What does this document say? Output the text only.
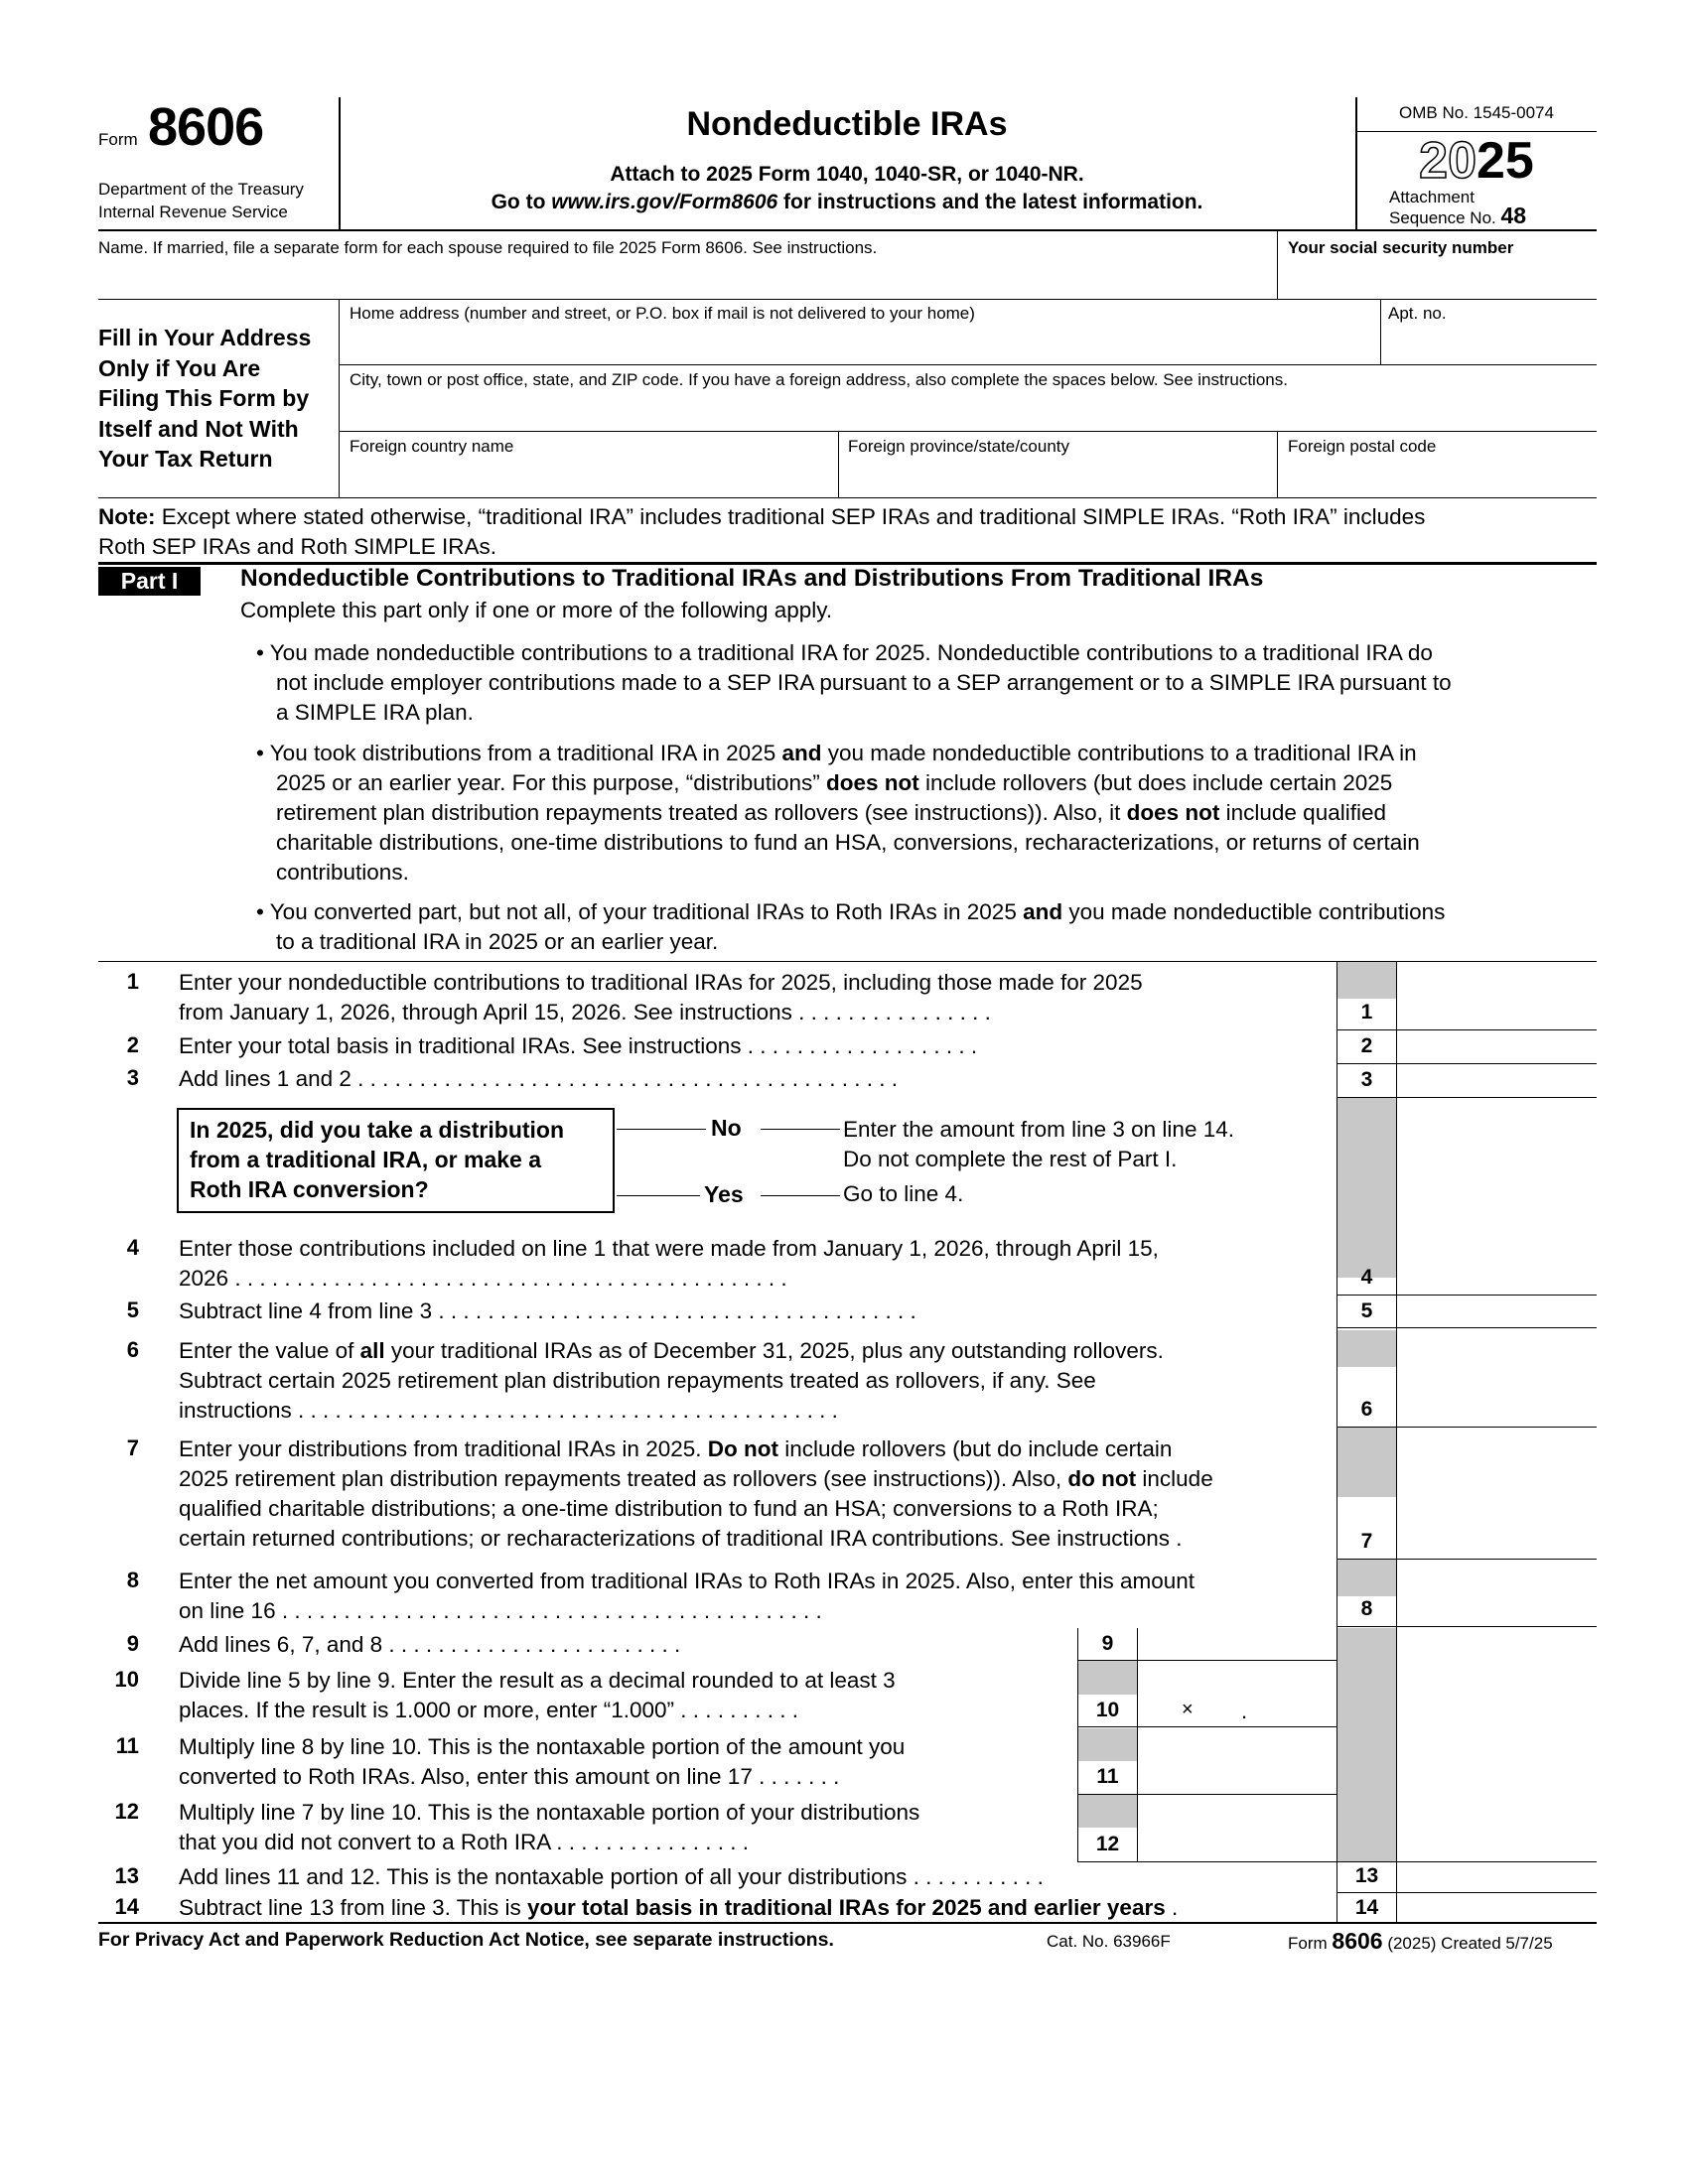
Form 8606
Department of the Treasury
Internal Revenue Service
Nondeductible IRAs
Attach to 2025 Form 1040, 1040-SR, or 1040-NR.
Go to www.irs.gov/Form8606 for instructions and the latest information.
OMB No. 1545-0074
2025
Attachment
Sequence No. 48
Name. If married, file a separate form for each spouse required to file 2025 Form 8606. See instructions.	Your social security number
Fill in Your Address
Only if You Are
Filing This Form by
Itself and Not With
Your Tax Return
Home address (number and street, or P.O. box if mail is not delivered to your home)	Apt. no.
City, town or post office, state, and ZIP code. If you have a foreign address, also complete the spaces below. See instructions.
Foreign country name	Foreign province/state/county	Foreign postal code
Note: Except where stated otherwise, “traditional IRA” includes traditional SEP IRAs and traditional SIMPLE IRAs. “Roth IRA” includes
Roth SEP IRAs and Roth SIMPLE IRAs.
Part I	Nondeductible Contributions to Traditional IRAs and Distributions From Traditional IRAs
Complete this part only if one or more of the following apply.
• You made nondeductible contributions to a traditional IRA for 2025. Nondeductible contributions to a traditional IRA do
not include employer contributions made to a SEP IRA pursuant to a SEP arrangement or to a SIMPLE IRA pursuant to
a SIMPLE IRA plan.
• You took distributions from a traditional IRA in 2025 and you made nondeductible contributions to a traditional IRA in
2025 or an earlier year. For this purpose, “distributions” does not include rollovers (but does include certain 2025
retirement plan distribution repayments treated as rollovers (see instructions)). Also, it does not include qualified
charitable distributions, one-time distributions to fund an HSA, conversions, recharacterizations, or returns of certain
contributions.
• You converted part, but not all, of your traditional IRAs to Roth IRAs in 2025 and you made nondeductible contributions
to a traditional IRA in 2025 or an earlier year.
1
2
3
4
5
6
7
8
9
10
11
12
13
14
× .
1 Enter your nondeductible contributions to traditional IRAs for 2025, including those made for 2025
from January 1, 2026, through April 15, 2026. See instructions . . . . . . . . . . . . . . . .
2 Enter your total basis in traditional IRAs. See instructions . . . . . . . . . . . . . . . . . . .
3 Add lines 1 and 2 . . . . . . . . . . . . . . . . . . . . . . . . . . . . . . . . . . . . . . . . . . . .
In 2025, did you take a distribution
from a traditional IRA, or make a
Roth IRA conversion?
No	Enter the amount from line 3 on line 14.
Do not complete the rest of Part I.
Yes	Go to line 4.
4 Enter those contributions included on line 1 that were made from January 1, 2026, through April 15,
2026 . . . . . . . . . . . . . . . . . . . . . . . . . . . . . . . . . . . . . . . . . . . . .
5 Subtract line 4 from line 3 . . . . . . . . . . . . . . . . . . . . . . . . . . . . . . . . . . . . . . .
6 Enter the value of all your traditional IRAs as of December 31, 2025, plus any outstanding rollovers.
Subtract certain 2025 retirement plan distribution repayments treated as rollovers, if any. See
instructions . . . . . . . . . . . . . . . . . . . . . . . . . . . . . . . . . . . . . . . . . . . .
7 Enter your distributions from traditional IRAs in 2025. Do not include rollovers (but do include certain
2025 retirement plan distribution repayments treated as rollovers (see instructions)). Also, do not include
qualified charitable distributions; a one-time distribution to fund an HSA; conversions to a Roth IRA;
certain returned contributions; or recharacterizations of traditional IRA contributions. See instructions .
8 Enter the net amount you converted from traditional IRAs to Roth IRAs in 2025. Also, enter this amount
on line 16 . . . . . . . . . . . . . . . . . . . . . . . . . . . . . . . . . . . . . . . . . . . .
9 Add lines 6, 7, and 8 . . . . . . . . . . . . . . . . . . . . . . . .
10 Divide line 5 by line 9. Enter the result as a decimal rounded to at least 3
places. If the result is 1.000 or more, enter “1.000” . . . . . . . . . .
11 Multiply line 8 by line 10. This is the nontaxable portion of the amount you
converted to Roth IRAs. Also, enter this amount on line 17 . . . . . . .
12 Multiply line 7 by line 10. This is the nontaxable portion of your distributions
that you did not convert to a Roth IRA . . . . . . . . . . . . . . . .
13 Add lines 11 and 12. This is the nontaxable portion of all your distributions . . . . . . . . . . .
14 Subtract line 13 from line 3. This is your total basis in traditional IRAs for 2025 and earlier years .
For Privacy Act and Paperwork Reduction Act Notice, see separate instructions.	Cat. No. 63966F	Form 8606 (2025) Created 5/7/25
